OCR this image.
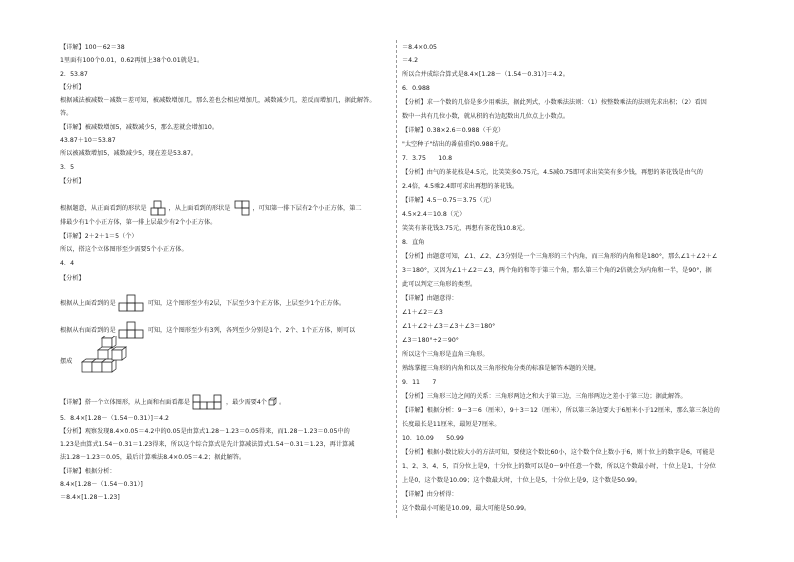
【详解】100－62＝38
1里面有100个0.01，0.62再加上38个0.01就是1。
2．53.87
【分析】
根据减法被减数－减数＝差可知，被减数增加几，那么差也会相应增加几，减数减少几，差反而增加几，据此解答。
答。
【详解】被减数增加5，减数减少5，那么差就会增加10。
43.87＋10＝53.87
所以被减数增加5，减数减少5，现在差是53.87。
3．5
【分析】
根据题意，从正面看到的形状是	，从上面看到的形状是	，可知第一排下层有2个小正方体，第二
排最少有1个小正方体，第一排上层最少有2个小正方体。
【详解】2＋2＋1＝5（个）
所以，搭这个立体图形至少需要5个小正方体。
4．4
【分析】
根据从上面看到的是	可知，这个图形至少有2层，下层至少3个正方体，上层至少1个正方体。
根据从右面看到的是	可知，这个图形至少有3列，各列至少分别是1个、2个、1个正方体，则可以
摆成
【详解】搭一个立体图形，从上面和右面看都是	，最少需要4个 。
5．8.4×[1.28－（1.54－0.31）]＝4.2
【分析】观察发现8.4×0.05＝4.2中的0.05是由算式1.28－1.23＝0.05得来，而1.28－1.23＝0.05中的
1.23是由算式1.54－0.31＝1.23得来，所以这个综合算式是先计算减法算式1.54－0.31＝1.23，再计算减
法1.28－1.23＝0.05，最后计算乘法8.4×0.05＝4.2；据此解答。
【详解】根据分析：
8.4×[1.28－（1.54－0.31）]
＝8.4×[1.28－1.23]
＝8.4×0.05
＝4.2
所以合并成综合算式是8.4×[1.28－（1.54－0.31）]＝4.2。
6．0.988
【分析】求一个数的几倍是多少用乘法，据此列式，小数乘法法则：（1）按整数乘法的法则先求出积；（2）看因
数中一共有几位小数，就从积的右边起数出几位点上小数点。
【详解】0.38×2.6＝0.988（千克）
"太空种子"结出的番茄重约0.988千克。
7．3.75　　10.8
【分析】由气的茶花枝是4.5元，比笑笑多0.75元，4.5减0.75即可求出笑笑有多少钱，再想的茶花钱是由气的
2.4倍，4.5乘2.4即可求出再想的茶花钱。
【详解】4.5－0.75＝3.75（元）
4.5×2.4＝10.8（元）
笑笑有茶花钱3.75元，再想有茶花钱10.8元。
8．直角
【分析】由题意可知，∠1、∠2、∠3分别是一个三角形的三个内角，而三角形的内角和是180°，那么∠1＋∠2＋∠
3＝180°，又因为∠1＋∠2＝∠3，两个角的和等于第三个角，那么第三个角的2倍就会为内角和一半，是90°，据
此可以判定三角形的类型。
【详解】由题意得：
∠1＋∠2＝∠3
∠1＋∠2＋∠3＝∠3＋∠3＝180°
∠3＝180°÷2＝90°
所以这个三角形是直角三角形。
熟练掌握三角形的内角和以及三角形按角分类的标准是解答本题的关键。
9．11　　7
【分析】三角形三边之间的关系：三角形两边之和大于第三边，三角形两边之差小于第三边；据此解答。
【详解】根据分析：9－3＝6（厘米），9＋3＝12（厘米），所以第三条边要大于6厘米小于12厘米，那么第三条边的
长度最长是11厘米，最短是7厘米。
10．10.09　　50.99
【分析】根据小数比较大小的方法可知，要使这个数比60小，这个数个位上数小于6，则十位上的数字是6，可能是
1、2、3、4、5，百分位上是9，十分位上的数可以是0～9中任意一个数，所以这个数最小时，十位上是1，十分位
上是0，这个数是10.09；这个数最大时，十位上是5，十分位上是9，这个数是50.99。
【详解】由分析得：
这个数最小可能是10.09，最大可能是50.99。
